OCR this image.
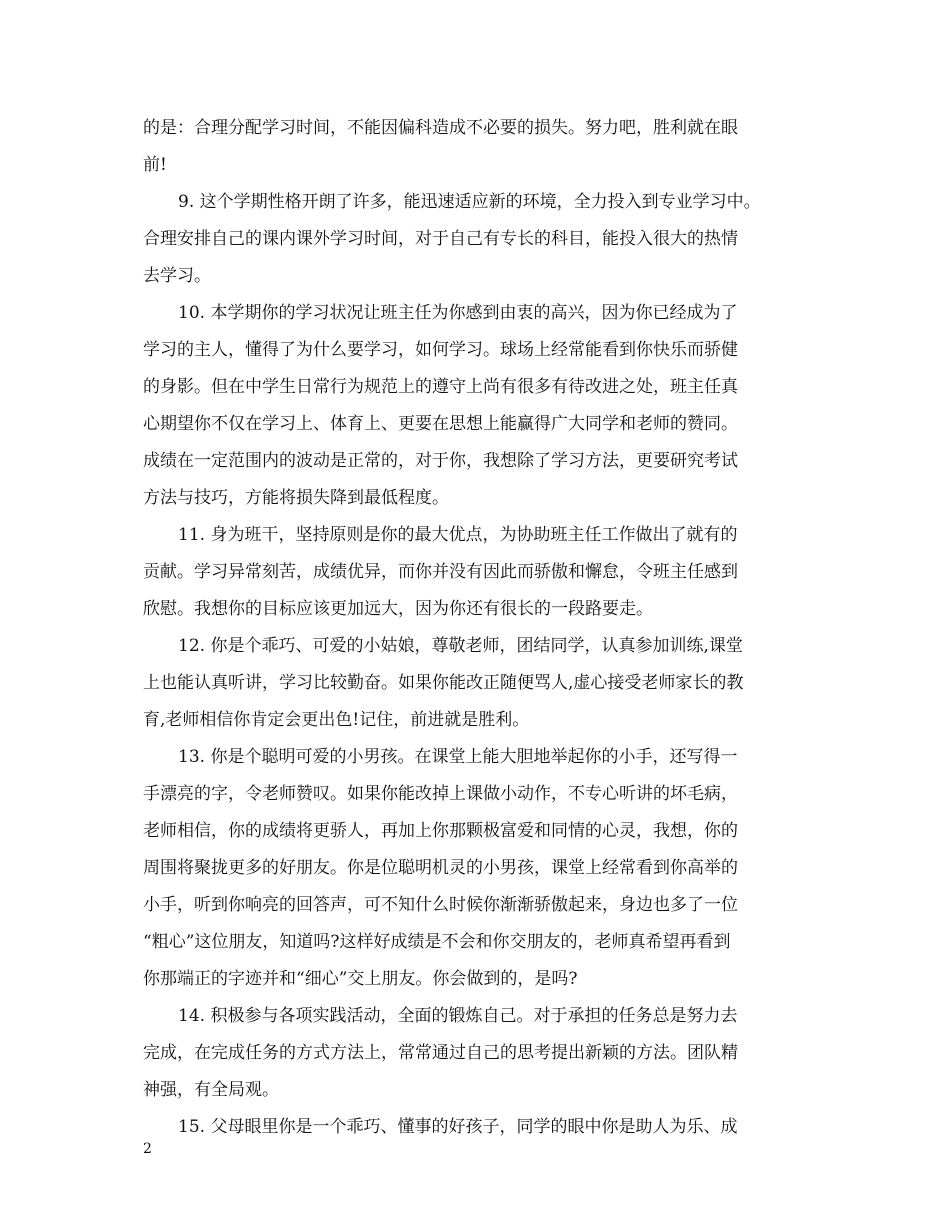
的是：合理分配学习时间，不能因偏科造成不必要的损失。努力吧，胜利就在眼
前!
9. 这个学期性格开朗了许多，能迅速适应新的环境，全力投入到专业学习中。
合理安排自己的课内课外学习时间，对于自己有专长的科目，能投入很大的热情
去学习。
10. 本学期你的学习状况让班主任为你感到由衷的高兴，因为你已经成为了
学习的主人，懂得了为什么要学习，如何学习。球场上经常能看到你快乐而骄健
的身影。但在中学生日常行为规范上的遵守上尚有很多有待改进之处，班主任真
心期望你不仅在学习上、体育上、更要在思想上能赢得广大同学和老师的赞同。
成绩在一定范围内的波动是正常的，对于你，我想除了学习方法，更要研究考试
方法与技巧，方能将损失降到最低程度。
11. 身为班干，坚持原则是你的最大优点，为协助班主任工作做出了就有的
贡献。学习异常刻苦，成绩优异，而你并没有因此而骄傲和懈怠，令班主任感到
欣慰。我想你的目标应该更加远大，因为你还有很长的一段路要走。
12. 你是个乖巧、可爱的小姑娘，尊敬老师，团结同学，认真参加训练,课堂
上也能认真听讲，学习比较勤奋。如果你能改正随便骂人,虚心接受老师家长的教
育,老师相信你肯定会更出色!记住，前进就是胜利。
13. 你是个聪明可爱的小男孩。在课堂上能大胆地举起你的小手，还写得一
手漂亮的字，令老师赞叹。如果你能改掉上课做小动作，不专心听讲的坏毛病，
老师相信，你的成绩将更骄人，再加上你那颗极富爱和同情的心灵，我想，你的
周围将聚拢更多的好朋友。你是位聪明机灵的小男孩，课堂上经常看到你高举的
小手，听到你响亮的回答声，可不知什么时候你渐渐骄傲起来，身边也多了一位
“粗心”这位朋友，知道吗?这样好成绩是不会和你交朋友的，老师真希望再看到
你那端正的字迹并和“细心”交上朋友。你会做到的，是吗?
14. 积极参与各项实践活动，全面的锻炼自己。对于承担的任务总是努力去
完成，在完成任务的方式方法上，常常通过自己的思考提出新颖的方法。团队精
神强，有全局观。
15. 父母眼里你是一个乖巧、懂事的好孩子，同学的眼中你是助人为乐、成
2
